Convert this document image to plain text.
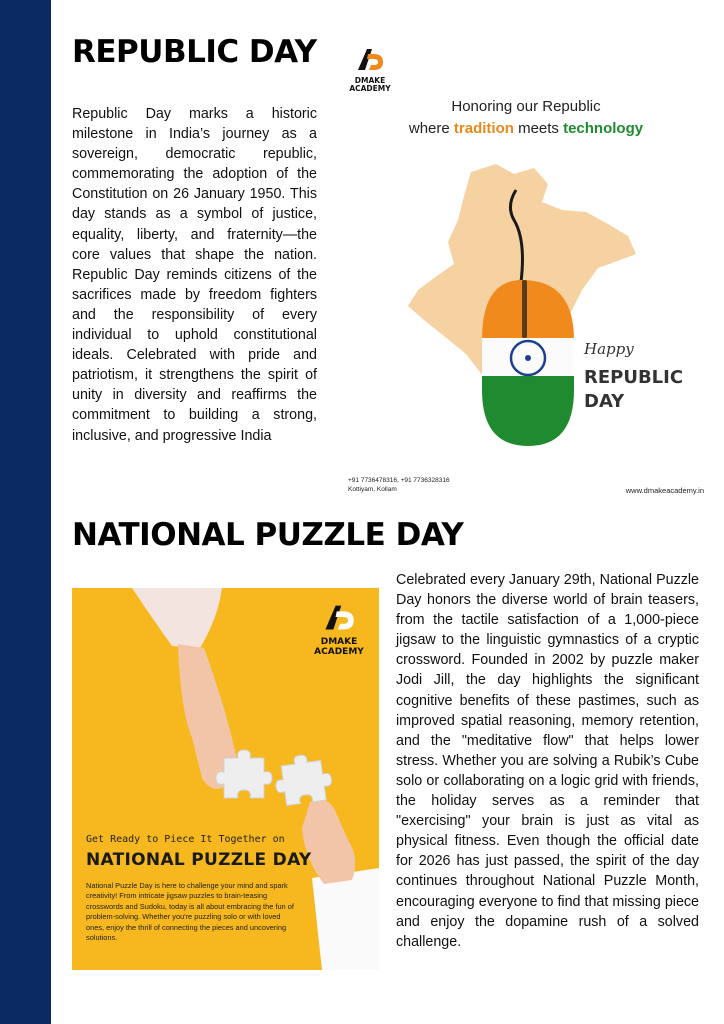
REPUBLIC DAY

Republic Day marks a historic milestone in India’s journey as a sovereign, democratic republic, commemorating the adoption of the Constitution on 26 January 1950. This day stands as a symbol of justice, equality, liberty, and fraternity—the core values that shape the nation. Republic Day reminds citizens of the sacrifices made by freedom fighters and the responsibility of every individual to uphold constitutional ideals. Celebrated with pride and patriotism, it strengthens the spirit of unity in diversity and reaffirms the commitment to building a strong, inclusive, and progressive India

DMAKE
ACADEMY
Honoring our Republic
where tradition meets technology
Happy
REPUBLIC
DAY
+91 7736478316, +91 7736328316
Kottiyam, Kollam	www.dmakeacademy.in
NATIONAL PUZZLE DAY
DMAKE
ACADEMY
Get Ready to Piece It Together on
NATIONAL PUZZLE DAY
National Puzzle Day is here to challenge your mind and spark creativity! From intricate jigsaw puzzles to brain-teasing crosswords and Sudoku, today is all about embracing the fun of problem-solving. Whether you're puzzling solo or with loved ones, enjoy the thrill of connecting the pieces and uncovering solutions.

Celebrated every January 29th, National Puzzle Day honors the diverse world of brain teasers, from the tactile satisfaction of a 1,000-piece jigsaw to the linguistic gymnastics of a cryptic crossword. Founded in 2002 by puzzle maker Jodi Jill, the day highlights the significant cognitive benefits of these pastimes, such as improved spatial reasoning, memory retention, and the "meditative flow" that helps lower stress. Whether you are solving a Rubik’s Cube solo or collaborating on a logic grid with friends, the holiday serves as a reminder that "exercising" your brain is just as vital as physical fitness. Even though the official date for 2026 has just passed, the spirit of the day continues throughout National Puzzle Month, encouraging everyone to find that missing piece and enjoy the dopamine rush of a solved challenge.
